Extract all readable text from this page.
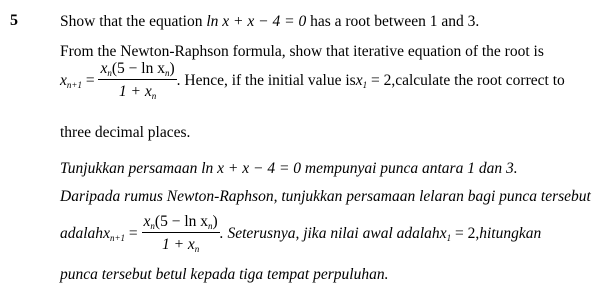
5	Show that the equation ln x + x − 4 = 0 has a root between 1 and 3.
From the Newton-Raphson formula, show that iterative equation of the root is
$x_{n+1} = \frac{x_n(5 - \ln x_n)}{1 + x_n}$ . Hence, if the initial value isx$_1$ = 2,calculate the root correct to
three decimal places.
Tunjukkan persamaan ln x + x − 4 = 0 mempunyai punca antara 1 dan 3.
Daripada rumus Newton-Raphson, tunjukkan persamaan lelaran bagi punca tersebut
adalahx$_{n+1}$ = $\frac{x_n(5 - \ln x_n)}{1 + x_n}$ . Seterusnya, jika nilai awal adalahx$_1$ = 2,hitungkan
punca tersebut betul kepada tiga tempat perpuluhan.
